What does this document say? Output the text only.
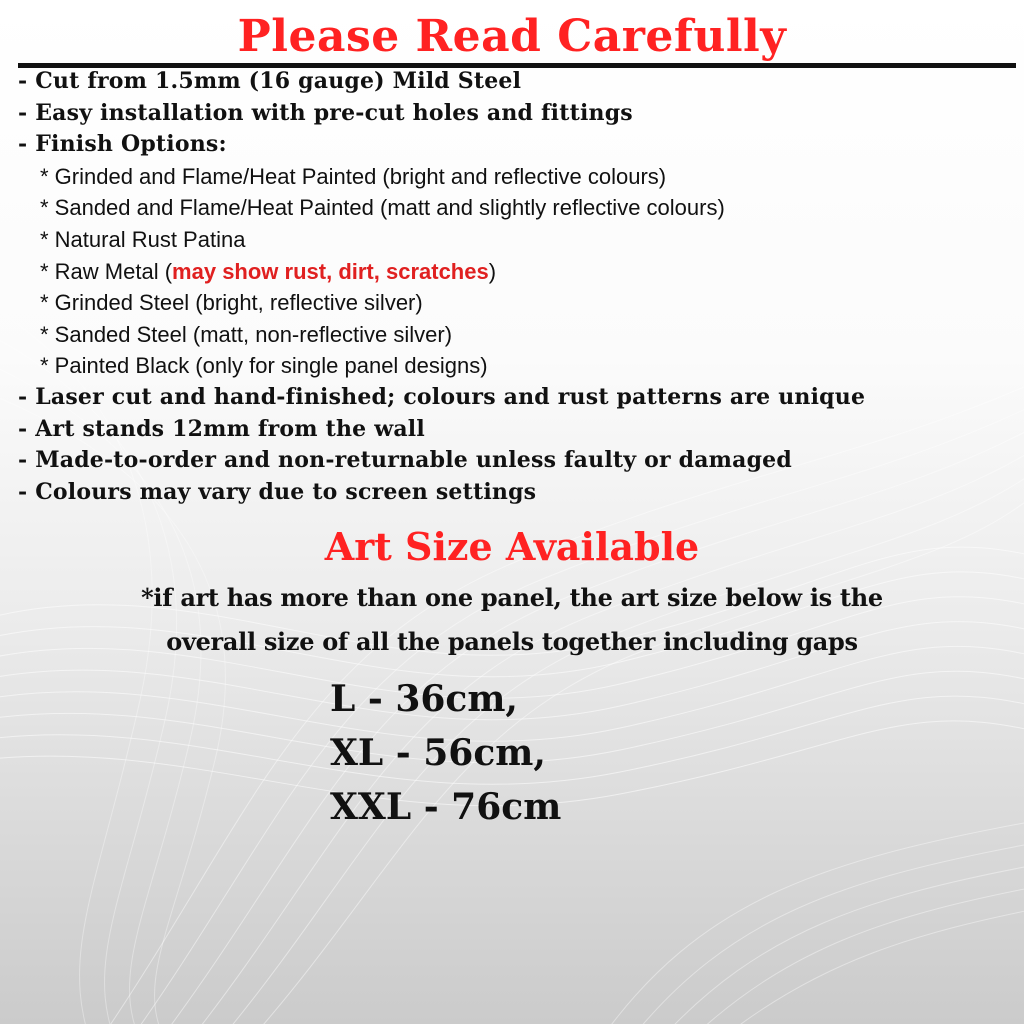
Please Read Carefully
- Cut from 1.5mm (16 gauge) Mild Steel
- Easy installation with pre-cut holes and fittings
- Finish Options:
* Grinded and Flame/Heat Painted (bright and reflective colours)
* Sanded and Flame/Heat Painted (matt and slightly reflective colours)
* Natural Rust Patina
* Raw Metal (may show rust, dirt, scratches)
* Grinded Steel (bright, reflective silver)
* Sanded Steel (matt, non-reflective silver)
* Painted Black (only for single panel designs)
- Laser cut and hand-finished; colours and rust patterns are unique
- Art stands 12mm from the wall
- Made-to-order and non-returnable unless faulty or damaged
- Colours may vary due to screen settings
Art Size Available
*if art has more than one panel, the art size below is the
overall size of all the panels together including gaps
L - 36cm,
XL - 56cm,
XXL - 76cm
